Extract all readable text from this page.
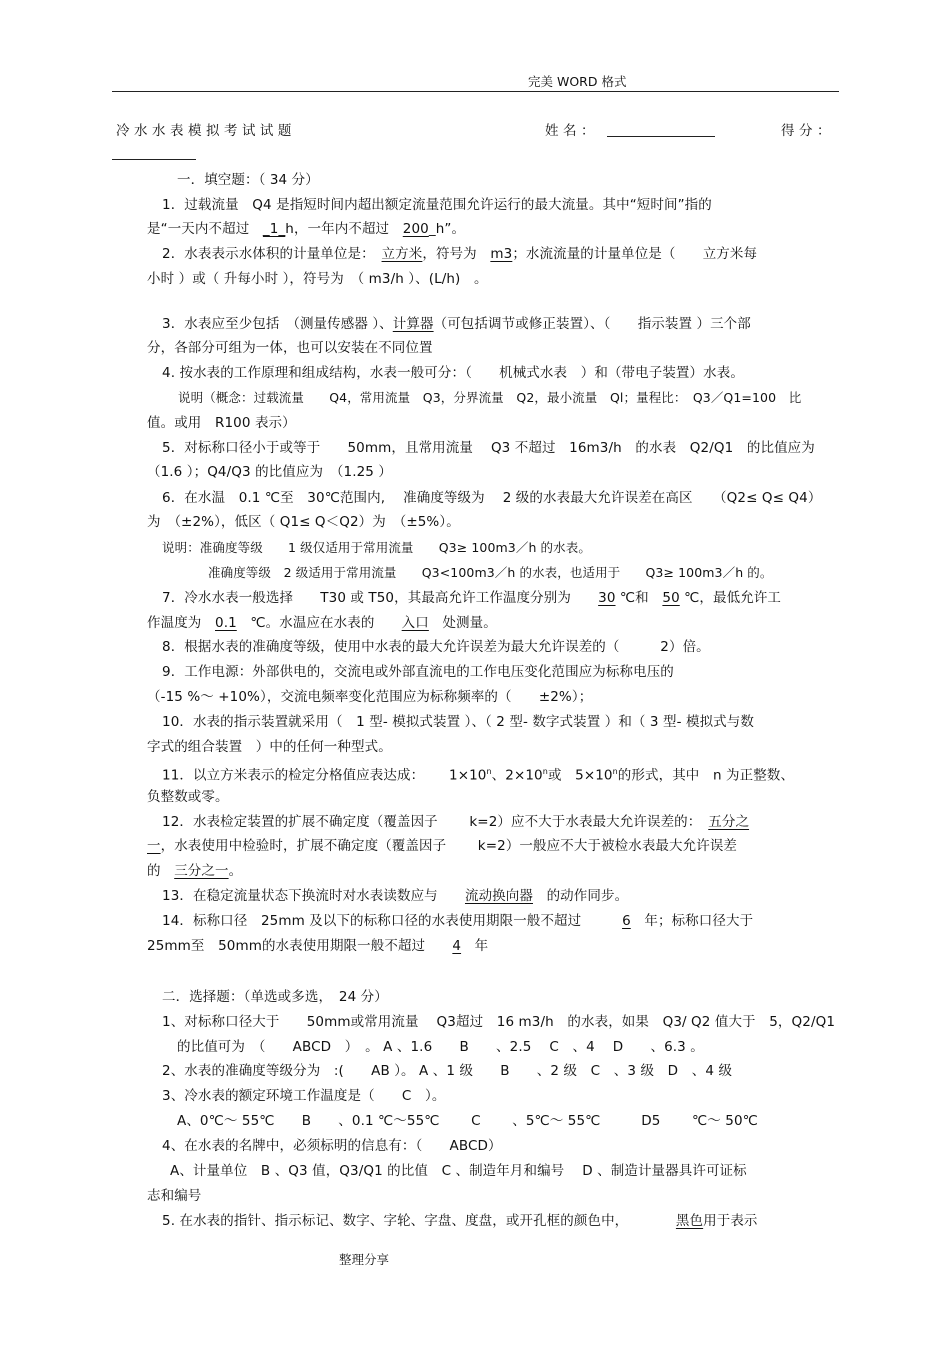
完美 WORD 格式
冷 水 水 表 模 拟 考 试 试 题	姓 名 ：	得 分 ：
一．填空题：（ 34 分）
1．过载流量　Q4 是指短时间内超出额定流量范围允许运行的最大流量。其中“短时间”指的
是“一天内不超过　_1_h，一年内不超过　200_h”。
2．水表表示水体积的计量单位是：　立方米，符号为　m3；水流流量的计量单位是（　　立方米每
小时 ）或（ 升每小时 ），符号为　（ m3/h ）、(L/h)　。
3．水表应至少包括　（测量传感器 ）、计算器（可包括调节或修正装置）、（　　指示装置 ）三个部
分，各部分可组为一体，也可以安装在不同位置
4. 按水表的工作原理和组成结构，水表一般可分：（　　机械式水表　）和（带电子装置）水表。
说明（概念：过载流量　　Q4，常用流量　Q3，分界流量　Q2，最小流量　Ql；量程比：　Q3／Q1=100　比
值。或用　R100 表示）
5．对标称口径小于或等于　　50mm，且常用流量　 Q3 不超过　16m3/h　的水表　Q2/Q1　的比值应为
（1.6 ）；Q4/Q3 的比值应为　（1.25 ）
6．在水温　0.1 ℃至　30℃范围内,　 准确度等级为　 2 级的水表最大允许误差在高区　　（Q2≤ Q≤ Q4）
为　（±2%），低区（ Q1≤ Q＜Q2）为　（±5%）。
说明：准确度等级　　1 级仅适用于常用流量　　Q3≥ 100m3／h 的水表。
准确度等级　2 级适用于常用流量　　Q3<100m3／h 的水表，也适用于　　Q3≥ 100m3／h 的。
7．冷水水表一般选择　　T30 或 T50，其最高允许工作温度分别为　　30 ℃和　50 ℃，最低允许工
作温度为　0.1　℃。水温应在水表的　　入口　处测量。
8．根据水表的准确度等级，使用中水表的最大允许误差为最大允许误差的（　　　2）倍。
9．工作电源：外部供电的，交流电或外部直流电的工作电压变化范围应为标称电压的
（-15 %～ +10%），交流电频率变化范围应为标称频率的（　　±2%）；
10．水表的指示装置就采用（　1 型- 模拟式装置 ）、（ 2 型- 数字式装置 ）和（ 3 型- 模拟式与数
字式的组合装置　）中的任何一种型式。
11．以立方米表示的检定分格值应表达成：　　 $1\times 10^n$、$2\times 10^n$或　$5\times 10^n$的形式，其中　n 为正整数、
负整数或零。
12．水表检定装置的扩展不确定度（覆盖因子　　 k=2）应不大于水表最大允许误差的：　五分之
一，水表使用中检验时，扩展不确定度（覆盖因子　　 k=2）一般应不大于被检水表最大允许误差
的　三分之一。
13．在稳定流量状态下换流时对水表读数应与　　流动换向器　的动作同步。
14．标称口径　25mm 及以下的标称口径的水表使用期限一般不超过　　　6　年；标称口径大于
25mm至　50mm的水表使用期限一般不超过　　4　年
二．选择题：（单选或多选，　24 分）
1、对标称口径大于　　50mm或常用流量　 Q3超过　16 m3/h　的水表，如果　Q3/ Q2 值大于　5，Q2/Q1
的比值可为　（　　ABCD　）　。 A 、1.6　　B　　、2.5　 C　、4　 D　　、6.3 。
2、水表的准确度等级分为　:(　　AB ）。 A 、1 级　　B　　、2 级　C　、3 级　D　、4 级
3、冷水表的额定环境工作温度是（　　C　）。
A、0℃～ 55℃　　B　　、0.1 ℃～55℃　　 C　　 、5℃～ 55℃　　　D5　　 ℃～ 50℃
4、在水表的名牌中，必须标明的信息有：（　　ABCD）
A、计量单位　B 、Q3 值，Q3/Q1 的比值　C 、制造年月和编号　 D 、制造计量器具许可证标
志和编号
5. 在水表的指针、指示标记、数字、字轮、字盘、度盘，或开孔框的颜色中，　　　　黑色用于表示
整理分享
